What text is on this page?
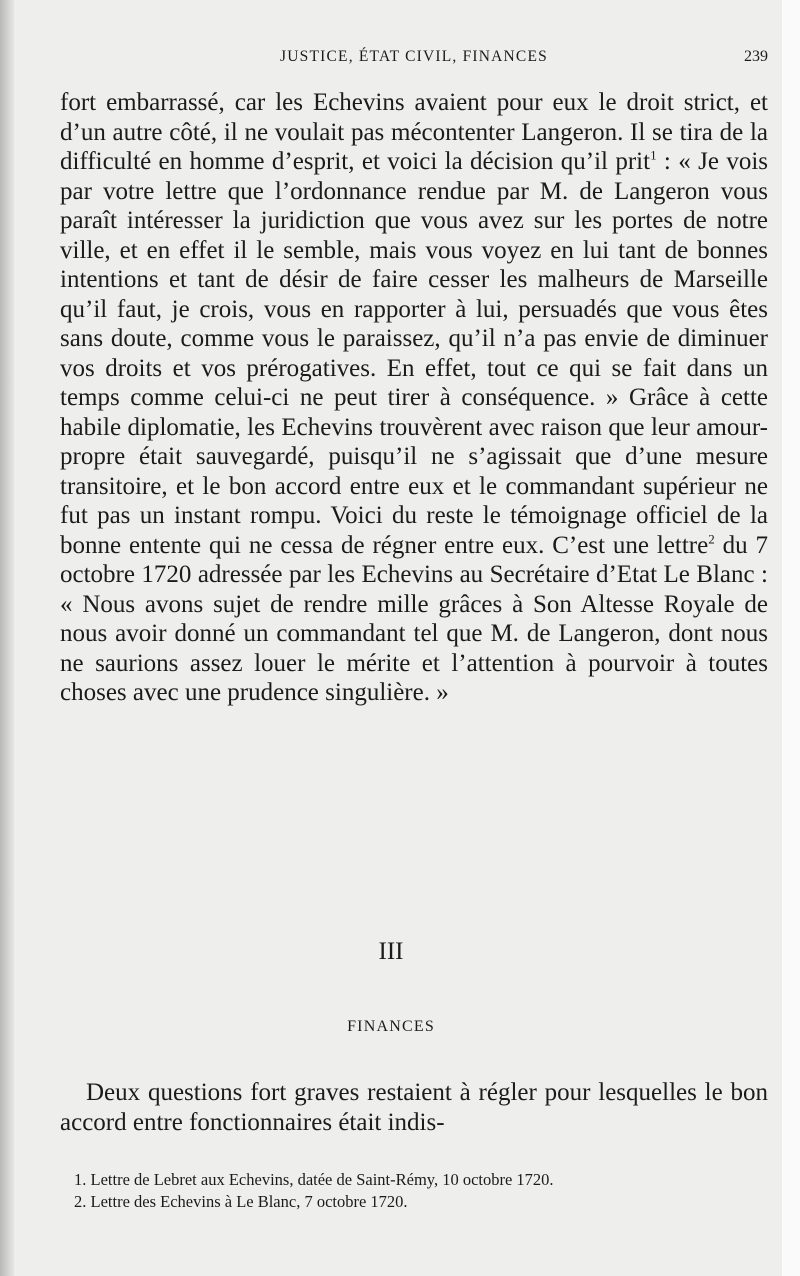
JUSTICE, ÉTAT CIVIL, FINANCES	239

fort embarrassé, car les Echevins avaient pour eux le droit strict, et d’un autre côté, il ne voulait pas mécontenter Langeron. Il se tira de la difficulté en homme d’esprit, et voici la décision qu’il prit$^1$ : « Je vois par votre lettre que l’ordonnance rendue par M. de Langeron vous paraît intéresser la juridiction que vous avez sur les portes de notre ville, et en effet il le semble, mais vous voyez en lui tant de bonnes intentions et tant de désir de faire cesser les malheurs de Marseille qu’il faut, je crois, vous en rapporter à lui, persuadés que vous êtes sans doute, comme vous le paraissez, qu’il n’a pas envie de diminuer vos droits et vos prérogatives. En effet, tout ce qui se fait dans un temps comme celui-ci ne peut tirer à conséquence. » Grâce à cette habile diplomatie, les Echevins trouvèrent avec raison que leur amour-propre était sauvegardé, puisqu’il ne s’agissait que d’une mesure transitoire, et le bon accord entre eux et le commandant supérieur ne fut pas un instant rompu. Voici du reste le témoignage officiel de la bonne entente qui ne cessa de régner entre eux. C’est une lettre$^2$ du 7 octobre 1720 adressée par les Echevins au Secrétaire d’Etat Le Blanc : « Nous avons sujet de rendre mille grâces à Son Altesse Royale de nous avoir donné un commandant tel que M. de Langeron, dont nous ne saurions assez louer le mérite et l’attention à pourvoir à toutes choses avec une prudence singulière. »

III
FINANCES

Deux questions fort graves restaient à régler pour lesquelles le bon accord entre fonctionnaires était indis-

1. Lettre de Lebret aux Echevins, datée de Saint-Rémy, 10 octobre 1720.

2. Lettre des Echevins à Le Blanc, 7 octobre 1720.
